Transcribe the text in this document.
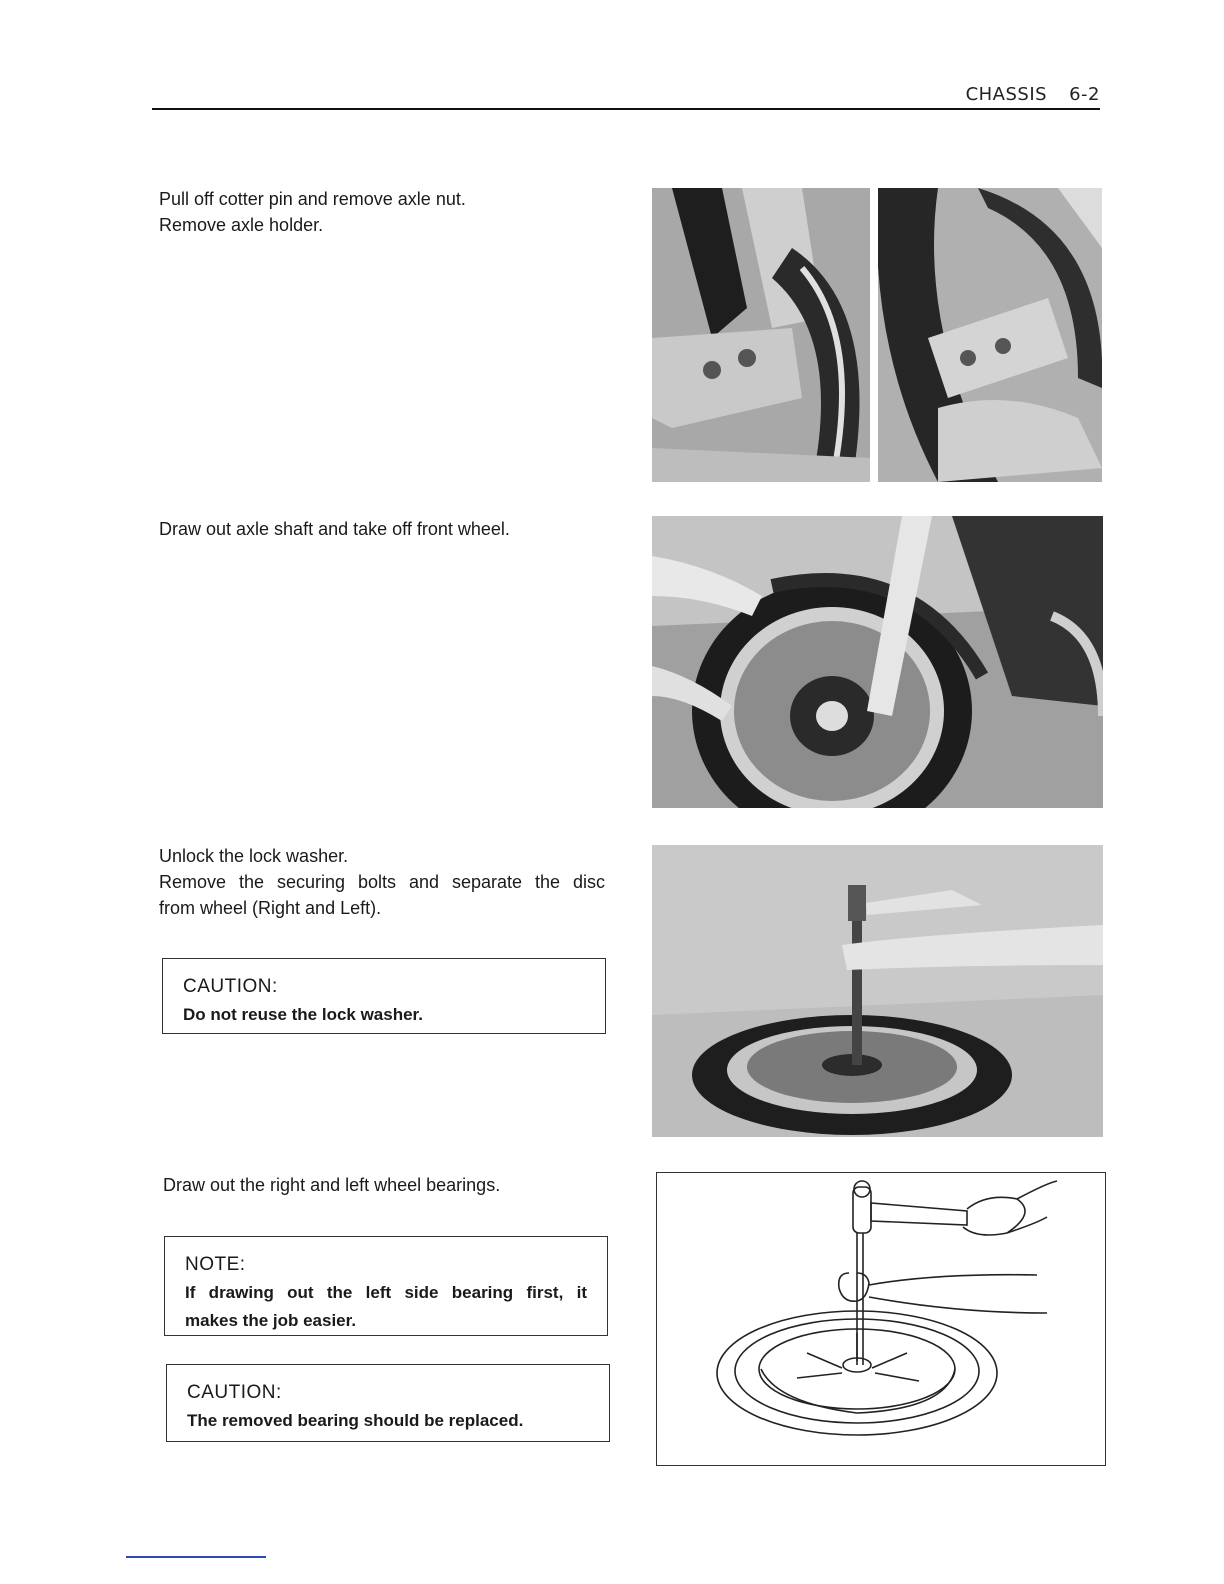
CHASSIS 6-2
Pull off cotter pin and remove axle nut.
Remove axle holder.
Draw out axle shaft and take off front wheel.
Unlock the lock washer.
Remove the securing bolts and separate the disc
from wheel (Right and Left).
CAUTION:
Do not reuse the lock washer.
Draw out the right and left wheel bearings.
NOTE:
If drawing out the left side bearing first, it
makes the job easier.
CAUTION:
The removed bearing should be replaced.
